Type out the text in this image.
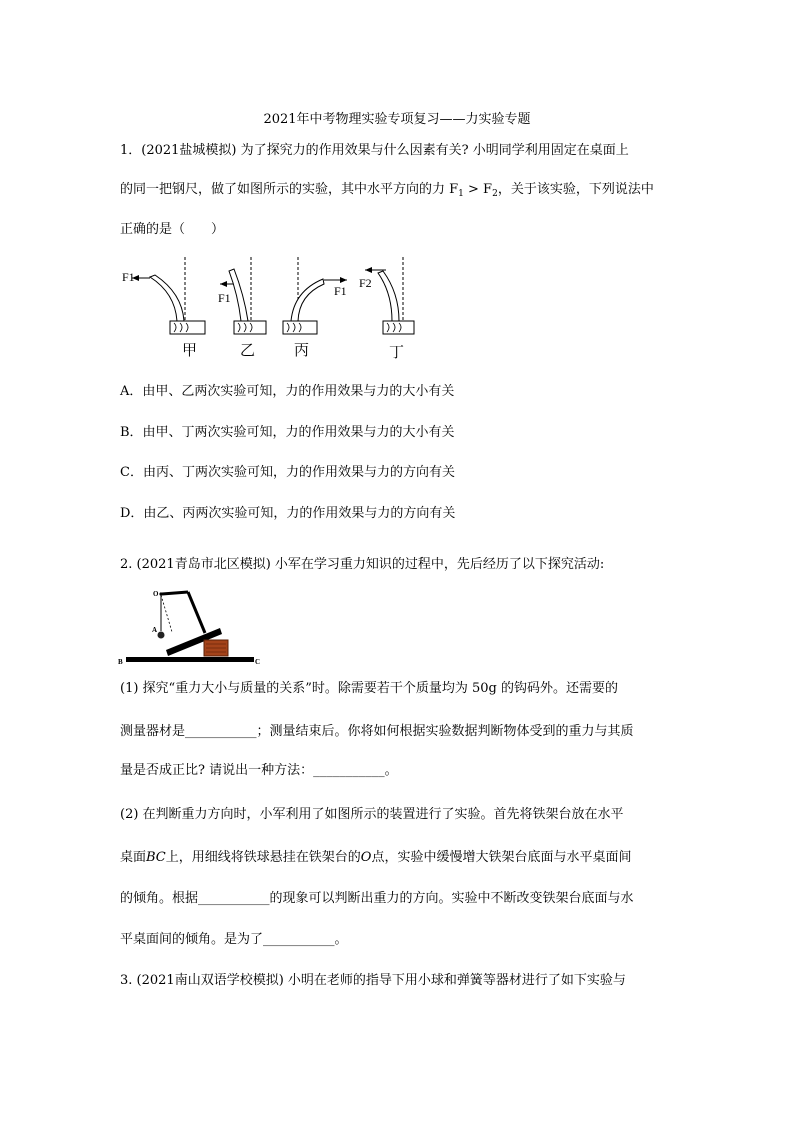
2021年中考物理实验专项复习——力实验专题
1．(2021盐城模拟) 为了探究力的作用效果与什么因素有关? 小明同学利用固定在桌面上
的同一把钢尺，做了如图所示的实验，其中水平方向的力 $F_1 > F_2$，关于该实验，下列说法中
正确的是（　　）
F1
甲
F1
乙
F1
丙
F2
丁
A．由甲、乙两次实验可知，力的作用效果与力的大小有关
B．由甲、丁两次实验可知，力的作用效果与力的大小有关
C．由丙、丁两次实验可知，力的作用效果与力的方向有关
D．由乙、丙两次实验可知，力的作用效果与力的方向有关
2. (2021青岛市北区模拟) 小军在学习重力知识的过程中，先后经历了以下探究活动:
B	C
O
A
(1) 探究“重力大小与质量的关系”时。除需要若干个质量均为 50g 的钩码外。还需要的
测量器材是___________；测量结束后。你将如何根据实验数据判断物体受到的重力与其质
量是否成正比? 请说出一种方法：___________。
(2) 在判断重力方向时，小军利用了如图所示的装置进行了实验。首先将铁架台放在水平
桌面BC上，用细线将铁球悬挂在铁架台的O点，实验中缓慢增大铁架台底面与水平桌面间
的倾角。根据___________的现象可以判断出重力的方向。实验中不断改变铁架台底面与水
平桌面间的倾角。是为了___________。
3. (2021南山双语学校模拟) 小明在老师的指导下用小球和弹簧等器材进行了如下实验与
